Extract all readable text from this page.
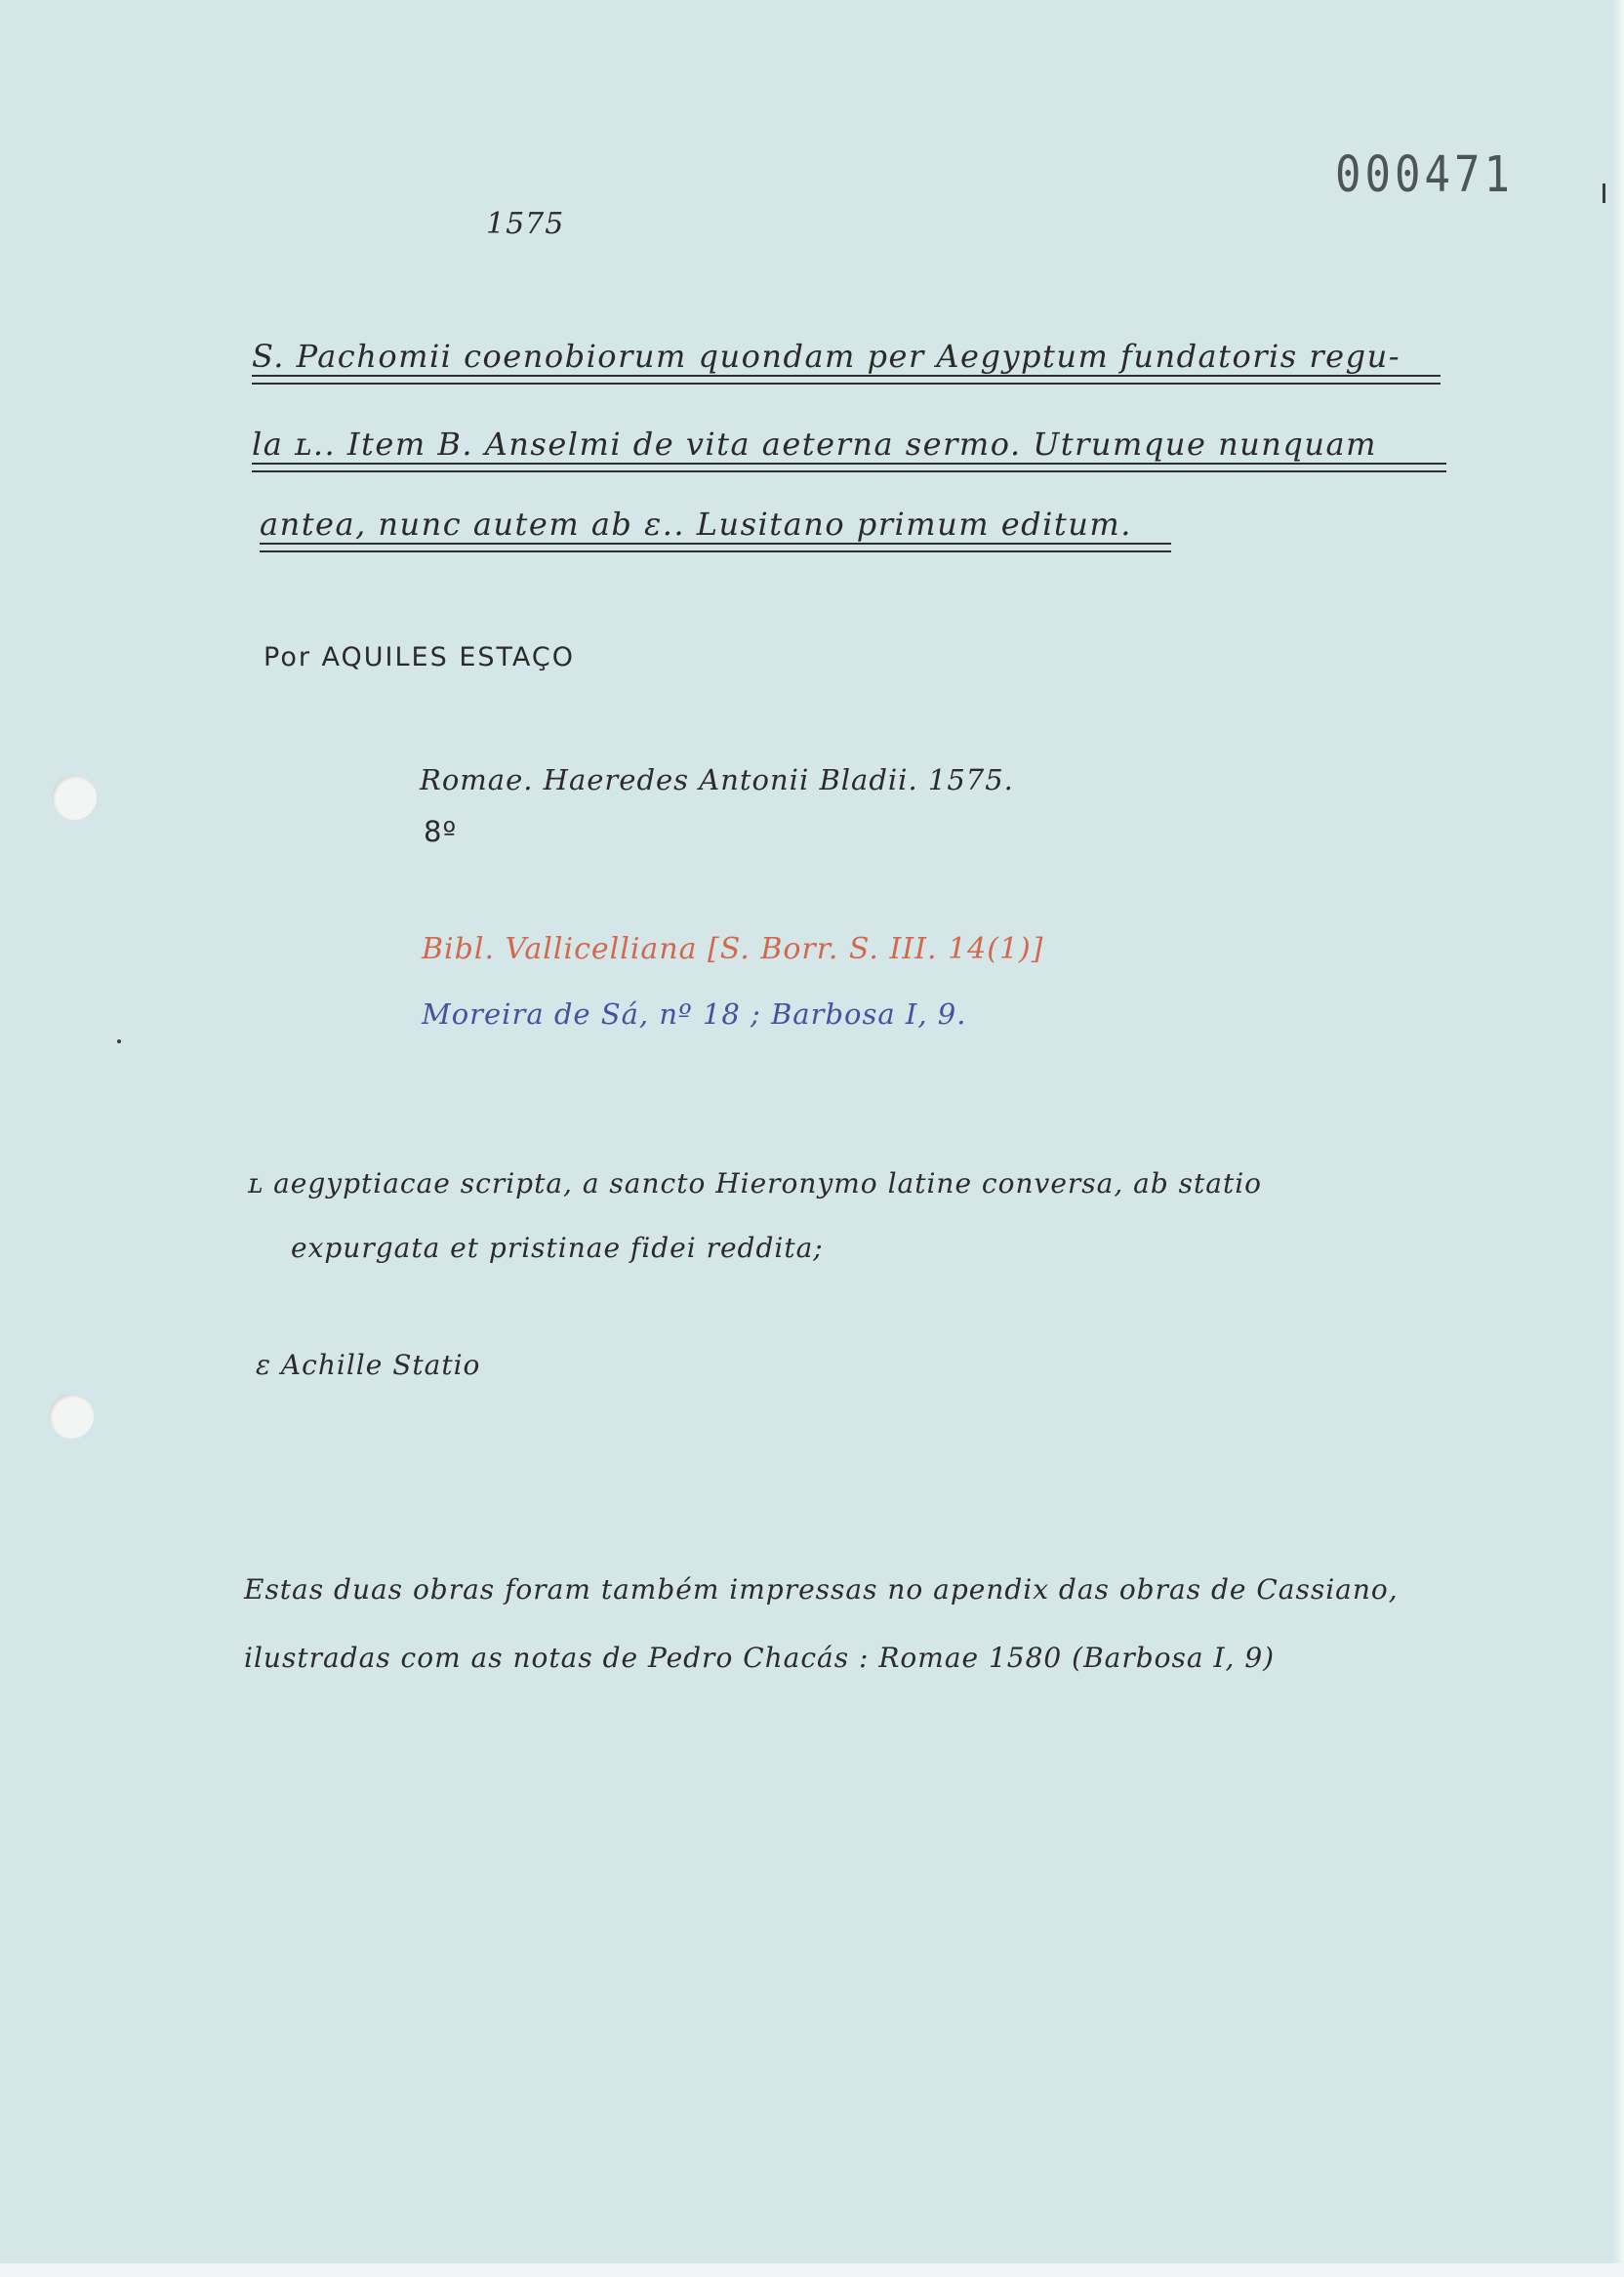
000471
1575
S. Pachomii coenobiorum quondam per Aegyptum fundatoris regu-
la ʟ.. Item B. Anselmi de vita aeterna sermo. Utrumque nunquam
antea, nunc autem ab ɛ.. Lusitano primum editum.
Por AQUILES ESTAÇO
Romae. Haeredes Antonii Bladii. 1575.
8º
Bibl. Vallicelliana [S. Borr. S. III. 14(1)]
Moreira de Sá, nº 18 ; Barbosa I, 9.
ʟ aegyptiacae scripta, a sancto Hieronymo latine conversa, ab statio
expurgata et pristinae fidei reddita;
ɛ Achille Statio
Estas duas obras foram também impressas no apendix das obras de Cassiano,
ilustradas com as notas de Pedro Chacás : Romae 1580 (Barbosa I, 9)
